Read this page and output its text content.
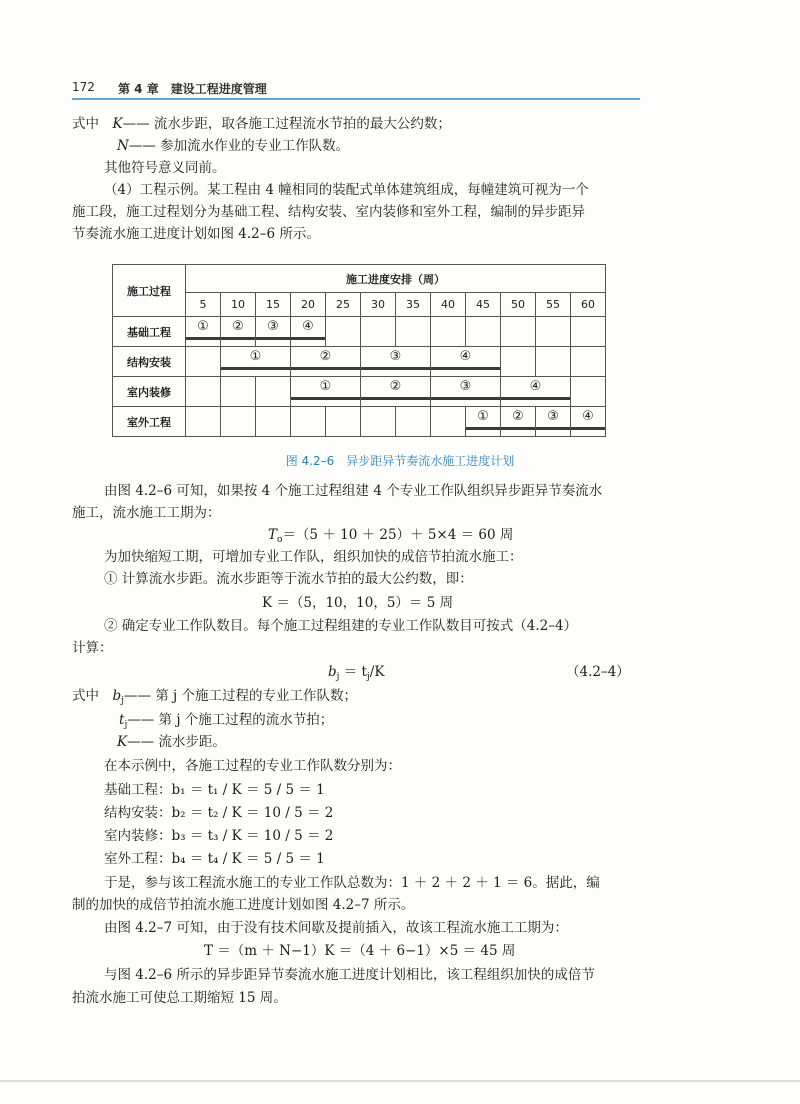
172 第 4 章　建设工程进度管理
式中　K—— 流水步距，取各施工过程流水节拍的最大公约数；
N—— 参加流水作业的专业工作队数。
其他符号意义同前。
（4）工程示例。某工程由 4 幢相同的装配式单体建筑组成，每幢建筑可视为一个
施工段，施工过程划分为基础工程、结构安装、室内装修和室外工程，编制的异步距异
节奏流水施工进度计划如图 4.2–6 所示。
施工过程	施工进度安排（周）											
	5	10	15	20	25	30	35	40	45	50	55	60
基础工程	①	②	③	④								

结构安装		①		②		③		④				

室内装修				①		②		③		④		

室外工程									①	②	③	④
图 4.2–6　异步距异节奏流水施工进度计划
由图 4.2–6 可知，如果按 4 个施工过程组建 4 个专业工作队组织异步距异节奏流水
施工，流水施工工期为：
$T_o=(5 + 10 + 25)+ 5\times 4 = 60$ 周
为加快缩短工期，可增加专业工作队，组织加快的成倍节拍流水施工：
① 计算流水步距。流水步距等于流水节拍的最大公约数，即：
K ＝（5，10，10，5）＝ 5 周
② 确定专业工作队数目。每个施工过程组建的专业工作队数目可按式（4.2–4）
计算：
$b_j = t_j/K$	（4.2–4）
式中　$b_j——$ 第 j 个施工过程的专业工作队数；
$t_j——$ 第 j 个施工过程的流水节拍；
K—— 流水步距。
在本示例中，各施工过程的专业工作队数分别为：
基础工程：b₁ ＝ t₁ / K ＝ 5 / 5 ＝ 1
结构安装：b₂ ＝ t₂ / K ＝ 10 / 5 ＝ 2
室内装修：b₃ ＝ t₃ / K ＝ 10 / 5 ＝ 2
室外工程：b₄ ＝ t₄ / K ＝ 5 / 5 ＝ 1
于是，参与该工程流水施工的专业工作队总数为：1 ＋ 2 ＋ 2 ＋ 1 ＝ 6。据此，编
制的加快的成倍节拍流水施工进度计划如图 4.2–7 所示。
由图 4.2–7 可知，由于没有技术间歇及提前插入，故该工程流水施工工期为：
T ＝（m ＋ N−1）K ＝（4 ＋ 6−1）×5 ＝ 45 周
与图 4.2–6 所示的异步距异节奏流水施工进度计划相比，该工程组织加快的成倍节
拍流水施工可使总工期缩短 15 周。
